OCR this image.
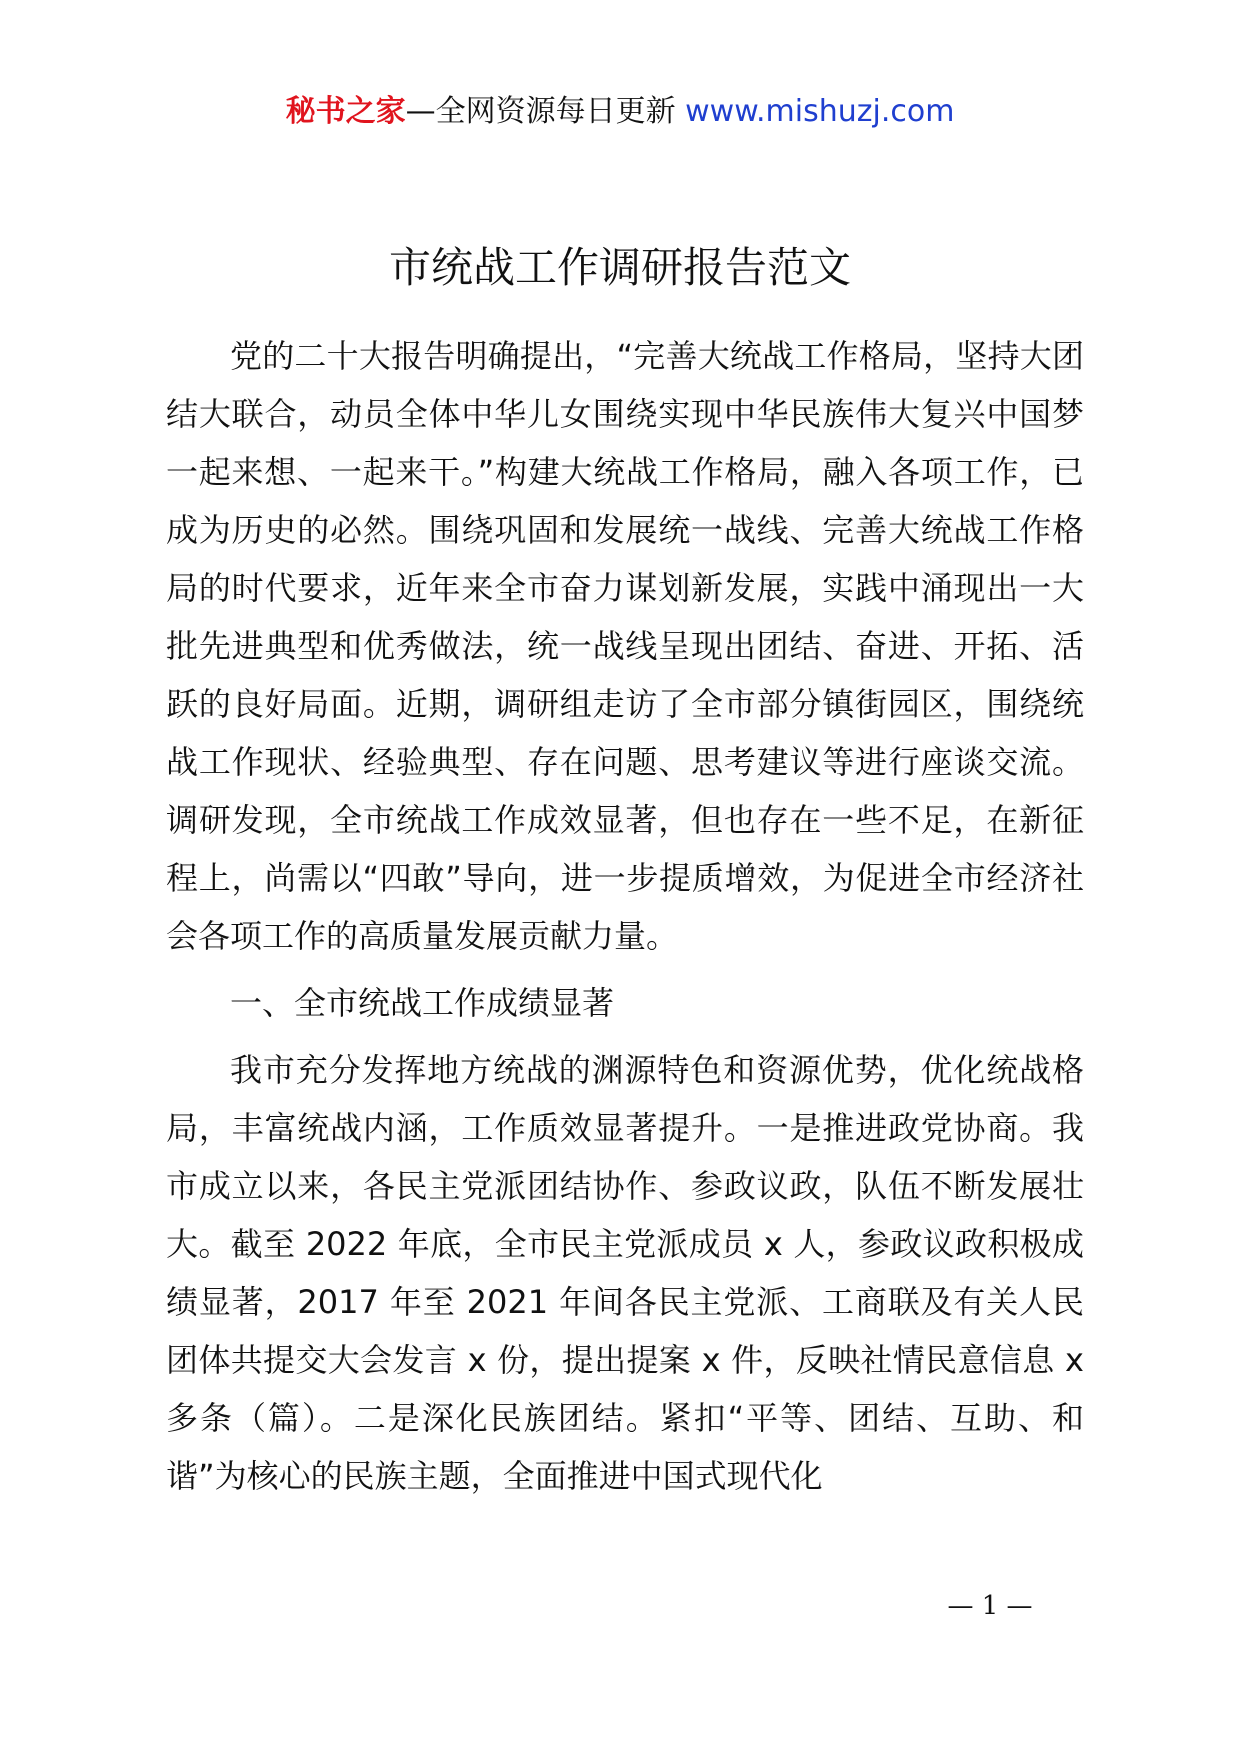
秘书之家—全网资源每日更新 www.mishuzj.com
市统战工作调研报告范文

党的二十大报告明确提出，“完善大统战工作格局，坚持大团结大联合，动员全体中华儿女围绕实现中华民族伟大复兴中国梦一起来想、一起来干。”构建大统战工作格局，融入各项工作，已成为历史的必然。围绕巩固和发展统一战线、完善大统战工作格局的时代要求，近年来全市奋力谋划新发展，实践中涌现出一大批先进典型和优秀做法，统一战线呈现出团结、奋进、开拓、活跃的良好局面。近期，调研组走访了全市部分镇街园区，围绕统战工作现状、经验典型、存在问题、思考建议等进行座谈交流。调研发现，全市统战工作成效显著，但也存在一些不足，在新征程上，尚需以“四敢”导向，进一步提质增效，为促进全市经济社会各项工作的高质量发展贡献力量。

一、全市统战工作成绩显著

我市充分发挥地方统战的渊源特色和资源优势，优化统战格局，丰富统战内涵，工作质效显著提升。一是推进政党协商。我市成立以来，各民主党派团结协作、参政议政，队伍不断发展壮大。截至 2022 年底，全市民主党派成员 x 人，参政议政积极成绩显著，2017 年至 2021 年间各民主党派、工商联及有关人民团体共提交大会发言 x 份，提出提案 x 件，反映社情民意信息 x 多条（篇）。二是深化民族团结。紧扣“平等、团结、互助、和谐”为核心的民族主题，全面推进中国式现代化

— 1 —
